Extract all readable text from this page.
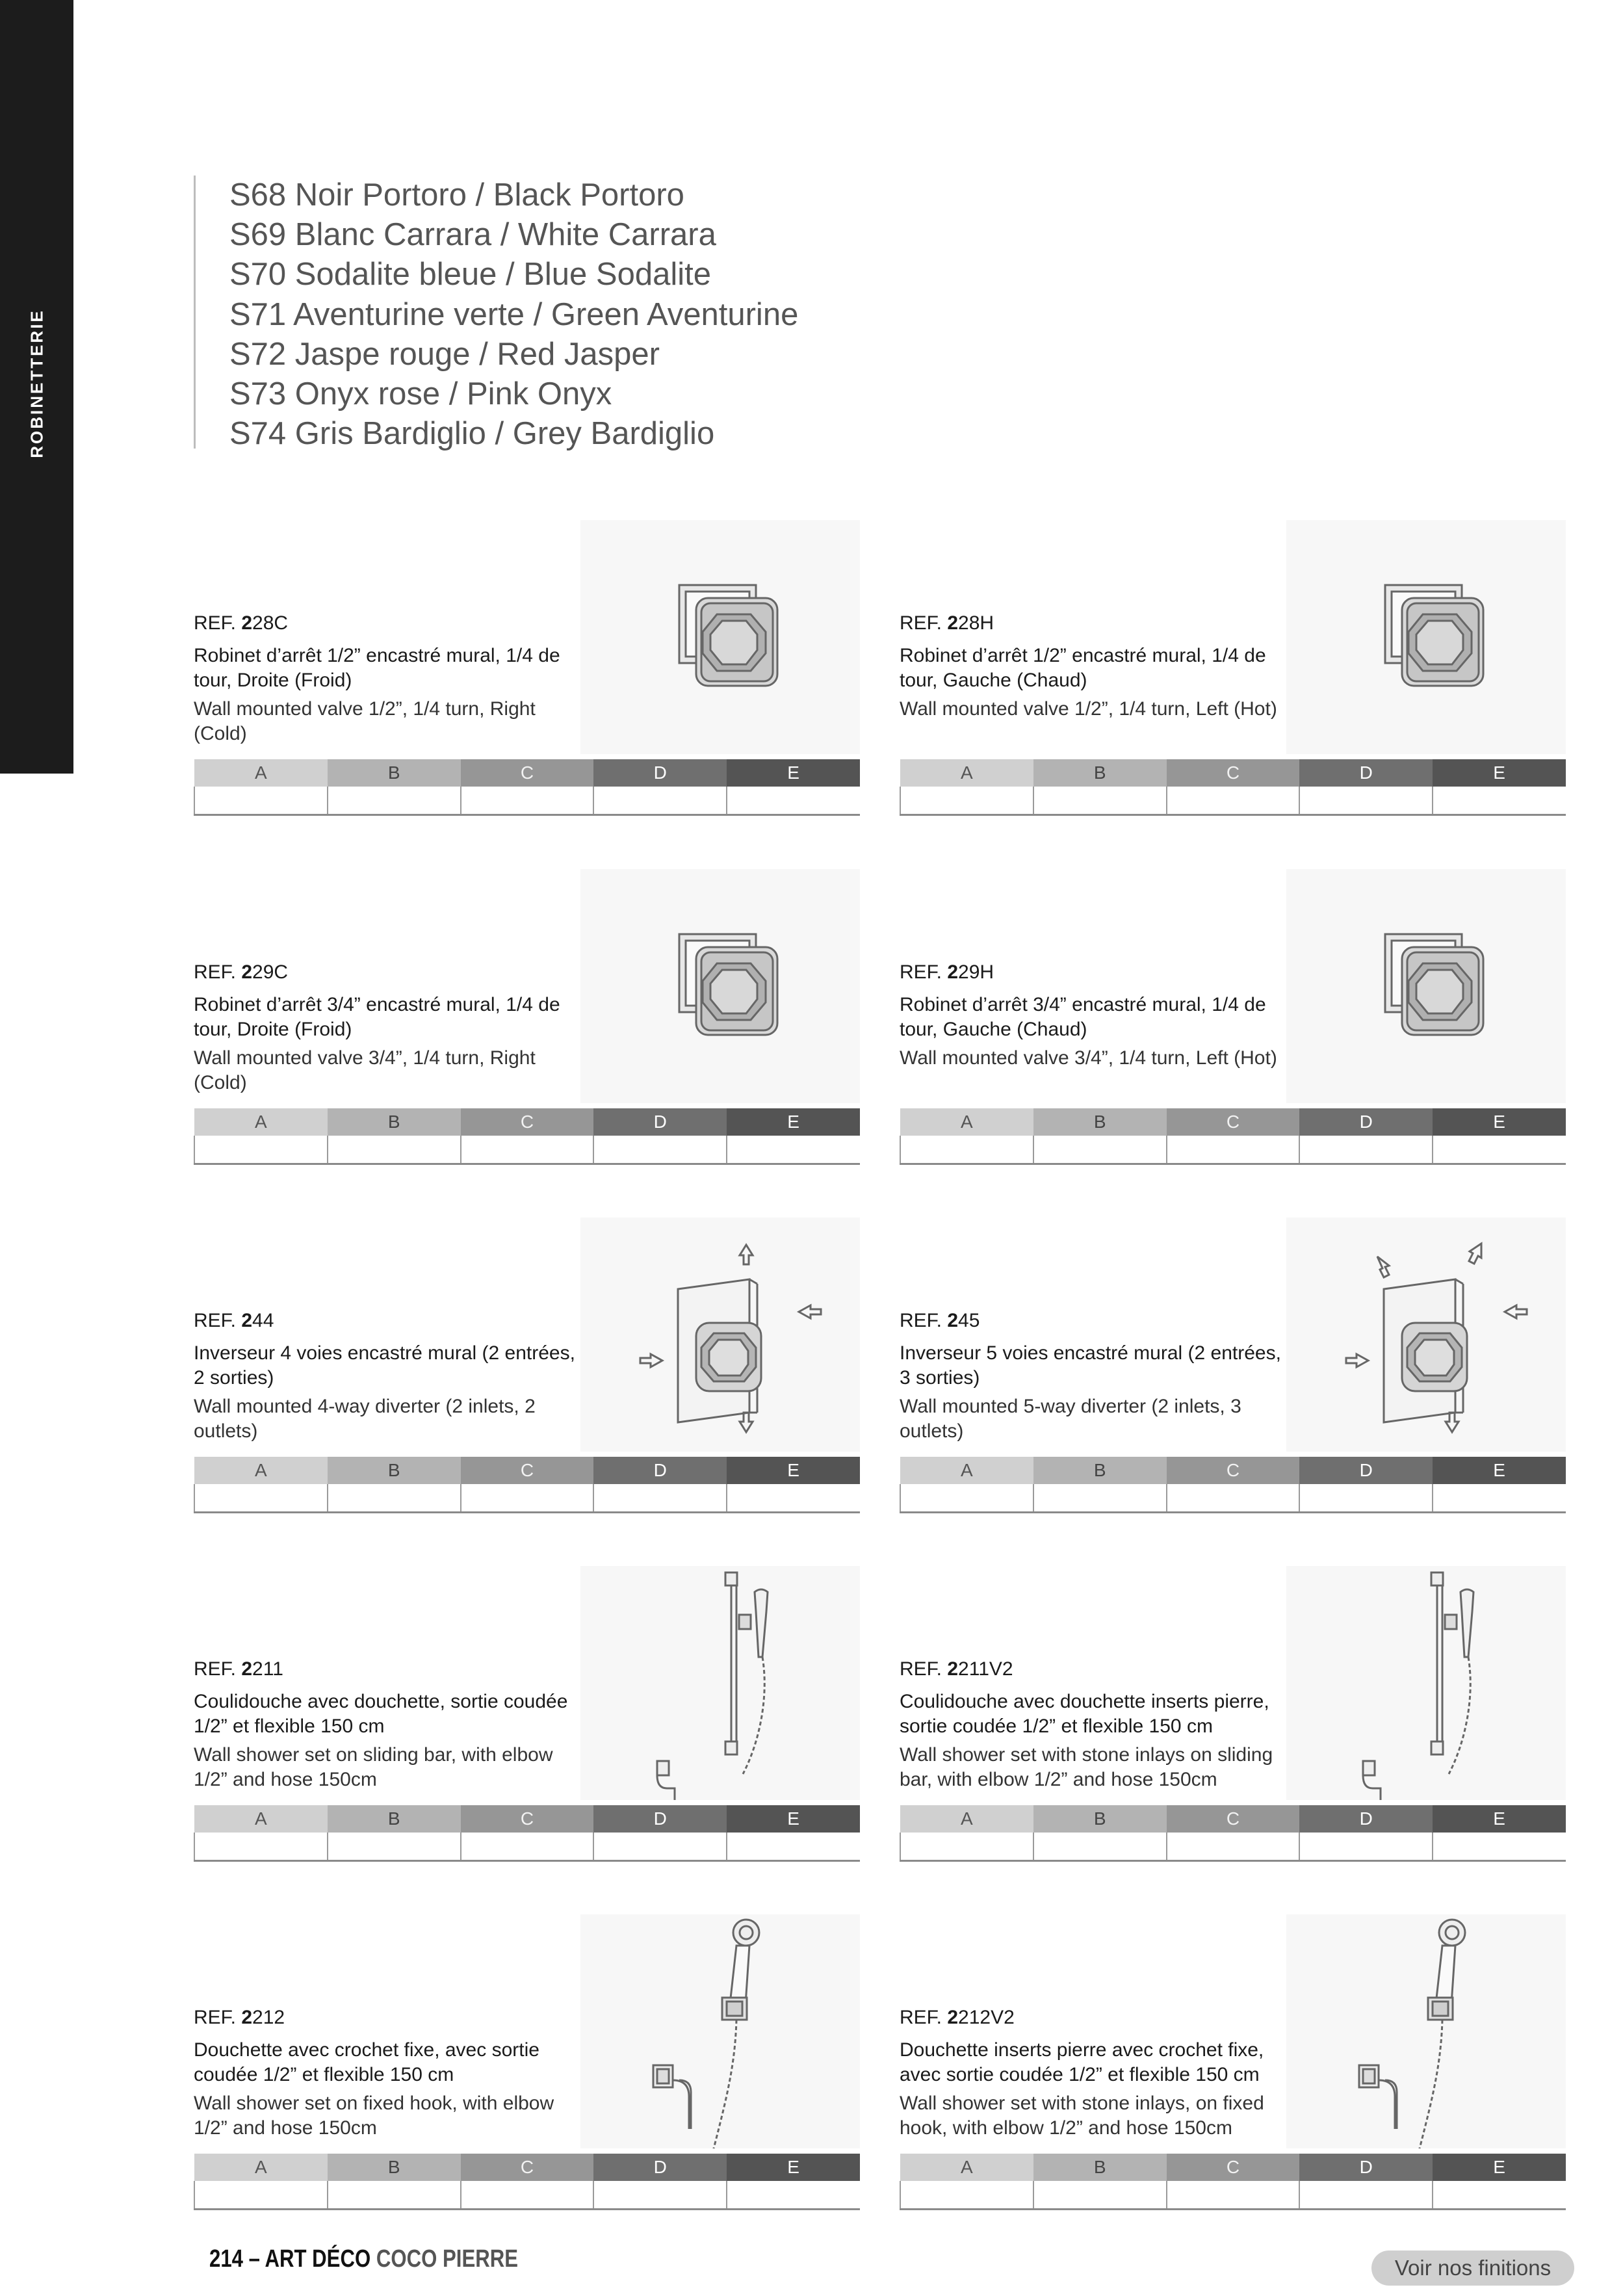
ROBINETTERIE
S68 Noir Portoro / Black Portoro
S69 Blanc Carrara / White Carrara
S70 Sodalite bleue / Blue Sodalite
S71 Aventurine verte / Green Aventurine
S72 Jaspe rouge / Red Jasper
S73 Onyx rose / Pink Onyx
S74 Gris Bardiglio / Grey Bardiglio
REF. 228C
Robinet d’arrêt 1/2” encastré mural, 1/4 de tour, Droite (Froid)
Wall mounted valve 1/2”, 1/4 turn, Right (Cold)
A	B	C	D	E

REF. 228H
Robinet d’arrêt 1/2” encastré mural, 1/4 de tour, Gauche (Chaud)
Wall mounted valve 1/2”, 1/4 turn, Left (Hot)
A	B	C	D	E

REF. 229C
Robinet d’arrêt 3/4” encastré mural, 1/4 de tour, Droite (Froid)
Wall mounted valve 3/4”, 1/4 turn, Right (Cold)
A	B	C	D	E

REF. 229H
Robinet d’arrêt 3/4” encastré mural, 1/4 de tour, Gauche (Chaud)
Wall mounted valve 3/4”, 1/4 turn, Left (Hot)
A	B	C	D	E

REF. 244
Inverseur 4 voies encastré mural (2 entrées, 2 sorties)
Wall mounted 4-way diverter (2 inlets, 2 outlets)
A	B	C	D	E

REF. 245
Inverseur 5 voies encastré mural (2 entrées, 3 sorties)
Wall mounted 5-way diverter (2 inlets, 3 outlets)
A	B	C	D	E

REF. 2211
Coulidouche avec douchette, sortie coudée 1/2” et flexible 150 cm
Wall shower set on sliding bar, with elbow 1/2” and hose 150cm
A	B	C	D	E

REF. 2211V2
Coulidouche avec douchette inserts pierre, sortie coudée 1/2” et flexible 150 cm
Wall shower set with stone inlays on sliding bar, with elbow 1/2” and hose 150cm
A	B	C	D	E

REF. 2212
Douchette avec crochet fixe, avec sortie coudée 1/2” et flexible 150 cm
Wall shower set on fixed hook, with elbow 1/2” and hose 150cm
A	B	C	D	E

REF. 2212V2
Douchette inserts pierre avec crochet fixe, avec sortie coudée 1/2” et flexible 150 cm
Wall shower set with stone inlays, on fixed hook, with elbow 1/2” and hose 150cm
A	B	C	D	E

214 – ART DÉCO COCO PIERRE	Voir nos finitions
